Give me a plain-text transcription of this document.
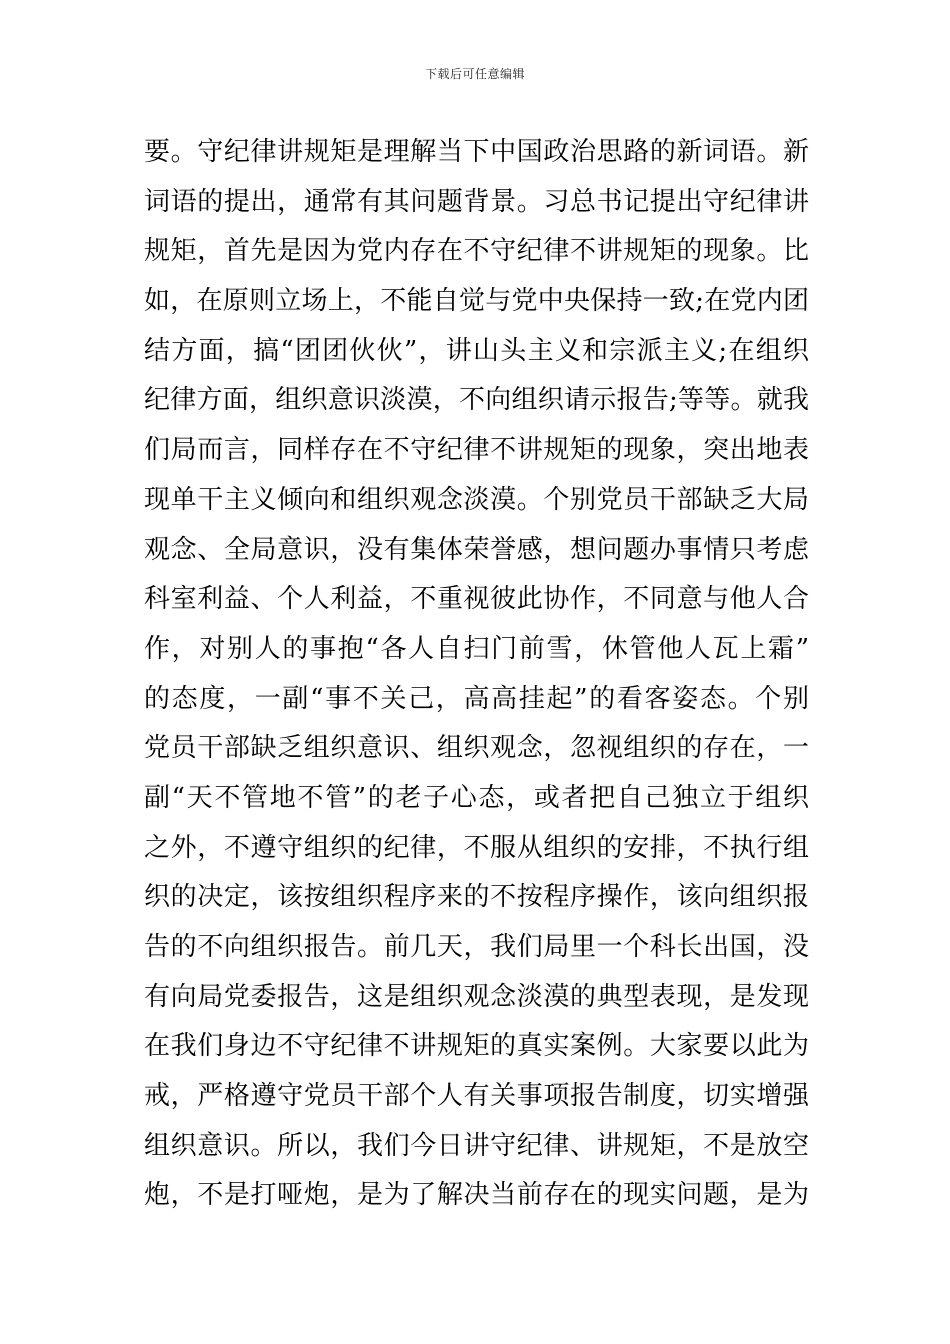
下载后可任意编辑
要。守纪律讲规矩是理解当下中国政治思路的新词语。新
词语的提出，通常有其问题背景。习总书记提出守纪律讲
规矩，首先是因为党内存在不守纪律不讲规矩的现象。比
如，在原则立场上，不能自觉与党中央保持一致;在党内团
结方面，搞“团团伙伙”，讲山头主义和宗派主义;在组织
纪律方面，组织意识淡漠，不向组织请示报告;等等。就我
们局而言，同样存在不守纪律不讲规矩的现象，突出地表
现单干主义倾向和组织观念淡漠。个别党员干部缺乏大局
观念、全局意识，没有集体荣誉感，想问题办事情只考虑
科室利益、个人利益，不重视彼此协作，不同意与他人合
作，对别人的事抱“各人自扫门前雪，休管他人瓦上霜”
的态度，一副“事不关己，高高挂起”的看客姿态。个别
党员干部缺乏组织意识、组织观念，忽视组织的存在，一
副“天不管地不管”的老子心态，或者把自己独立于组织
之外，不遵守组织的纪律，不服从组织的安排，不执行组
织的决定，该按组织程序来的不按程序操作，该向组织报
告的不向组织报告。前几天，我们局里一个科长出国，没
有向局党委报告，这是组织观念淡漠的典型表现，是发现
在我们身边不守纪律不讲规矩的真实案例。大家要以此为
戒，严格遵守党员干部个人有关事项报告制度，切实增强
组织意识。所以，我们今日讲守纪律、讲规矩，不是放空
炮，不是打哑炮，是为了解决当前存在的现实问题，是为
